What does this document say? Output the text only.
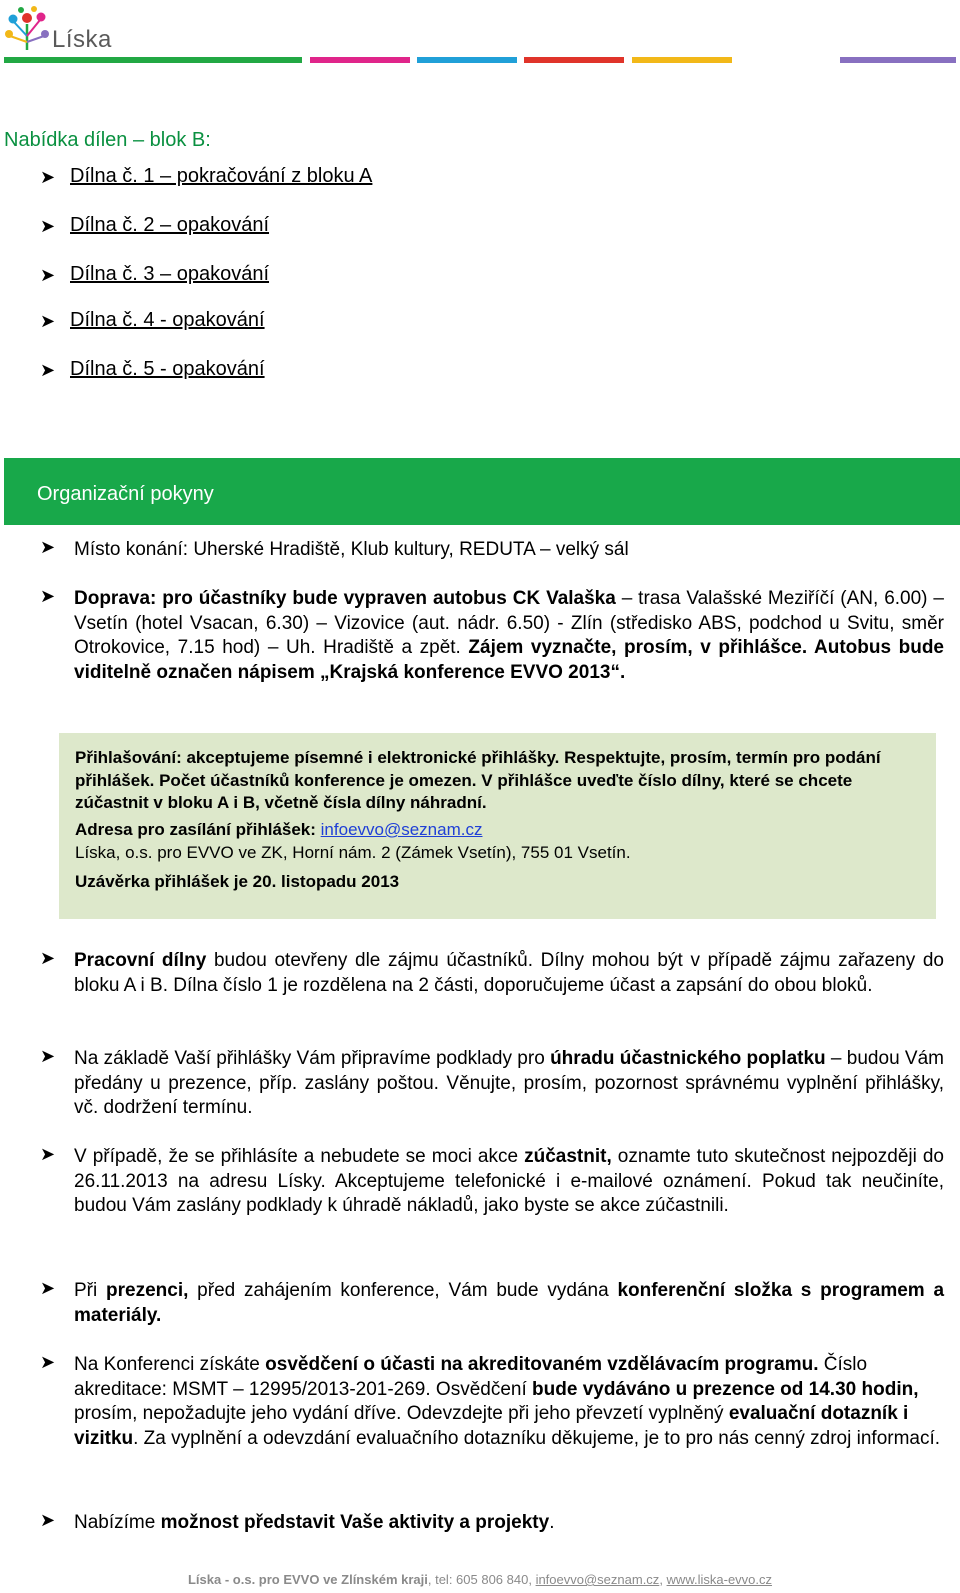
Líska
Nabídka dílen – blok B:
➤ Dílna č. 1 – pokračování z bloku A
➤ Dílna č. 2 – opakování
➤ Dílna č. 3 – opakování
➤ Dílna č. 4 - opakování
➤ Dílna č. 5 - opakování
Organizační pokyny
➤ Místo konání: Uherské Hradiště, Klub kultury, REDUTA – velký sál
➤ Doprava: pro účastníky bude vypraven autobus CK Valaška – trasa Valašské Meziříčí (AN, 6.00) – Vsetín (hotel Vsacan, 6.30) – Vizovice (aut. nádr. 6.50) - Zlín (středisko ABS, podchod u Svitu, směr Otrokovice, 7.15 hod) – Uh. Hradiště a zpět. Zájem vyznačte, prosím, v přihlášce. Autobus bude viditelně označen nápisem „Krajská konference EVVO 2013“.
Přihlašování: akceptujeme písemné i elektronické přihlášky. Respektujte, prosím, termín pro podání přihlášek. Počet účastníků konference je omezen. V přihlášce uveďte číslo dílny, které se chcete zúčastnit v bloku A i B, včetně čísla dílny náhradní.
Adresa pro zasílání přihlášek: infoevvo@seznam.cz
Líska, o.s. pro EVVO ve ZK, Horní nám. 2 (Zámek Vsetín), 755 01 Vsetín.
Uzávěrka přihlášek je 20. listopadu 2013
➤ Pracovní dílny budou otevřeny dle zájmu účastníků. Dílny mohou být v případě zájmu zařazeny do bloku A i B. Dílna číslo 1 je rozdělena na 2 části, doporučujeme účast a zapsání do obou bloků.
➤ Na základě Vaší přihlášky Vám připravíme podklady pro úhradu účastnického poplatku – budou Vám předány u prezence, příp. zaslány poštou. Věnujte, prosím, pozornost správnému vyplnění přihlášky, vč. dodržení termínu.
➤ V případě, že se přihlásíte a nebudete se moci akce zúčastnit, oznamte tuto skutečnost nejpozději do 26.11.2013 na adresu Lísky. Akceptujeme telefonické i e-mailové oznámení. Pokud tak neučiníte, budou Vám zaslány podklady k úhradě nákladů, jako byste se akce zúčastnili.
➤ Při prezenci, před zahájením konference, Vám bude vydána konferenční složka s programem a materiály.
➤ Na Konferenci získáte osvědčení o účasti na akreditovaném vzdělávacím programu. Číslo akreditace: MSMT – 12995/2013-201-269. Osvědčení bude vydáváno u prezence od 14.30 hodin, prosím, nepožadujte jeho vydání dříve. Odevzdejte při jeho převzetí vyplněný evaluační dotazník i vizitku. Za vyplnění a odevzdání evaluačního dotazníku děkujeme, je to pro nás cenný zdroj informací.
➤ Nabízíme možnost představit Vaše aktivity a projekty.
Líska - o.s. pro EVVO ve Zlínském kraji, tel: 605 806 840, infoevvo@seznam.cz, www.liska-evvo.cz
